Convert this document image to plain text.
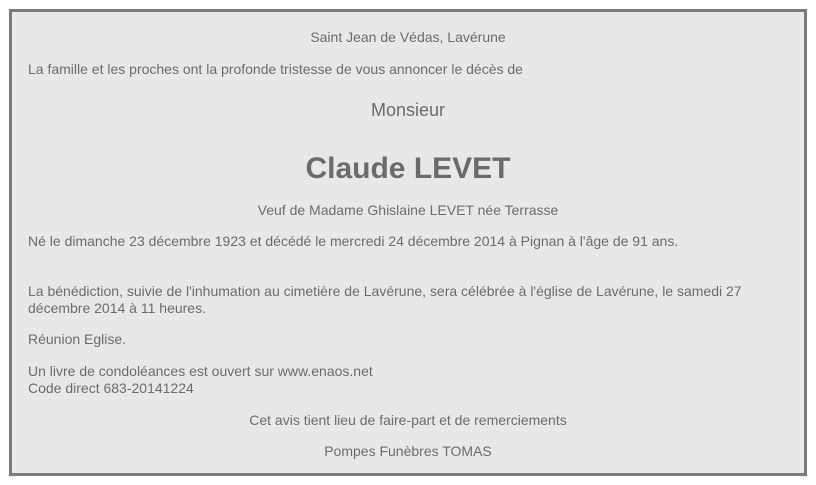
Saint Jean de Védas, Lavérune
La famille et les proches ont la profonde tristesse de vous annoncer le décès de
Monsieur
Claude LEVET
Veuf de Madame Ghislaine LEVET née Terrasse
Né le dimanche 23 décembre 1923 et décédé le mercredi 24 décembre 2014 à Pignan à l'âge de 91 ans.
La bénédiction, suivie de l'inhumation au cimetière de Lavérune, sera célébrée à l'église de Lavérune, le samedi 27 décembre 2014 à 11 heures.
Réunion Eglise.
Un livre de condoléances est ouvert sur www.enaos.net
Code direct 683-20141224
Cet avis tient lieu de faire-part et de remerciements
Pompes Funèbres TOMAS
